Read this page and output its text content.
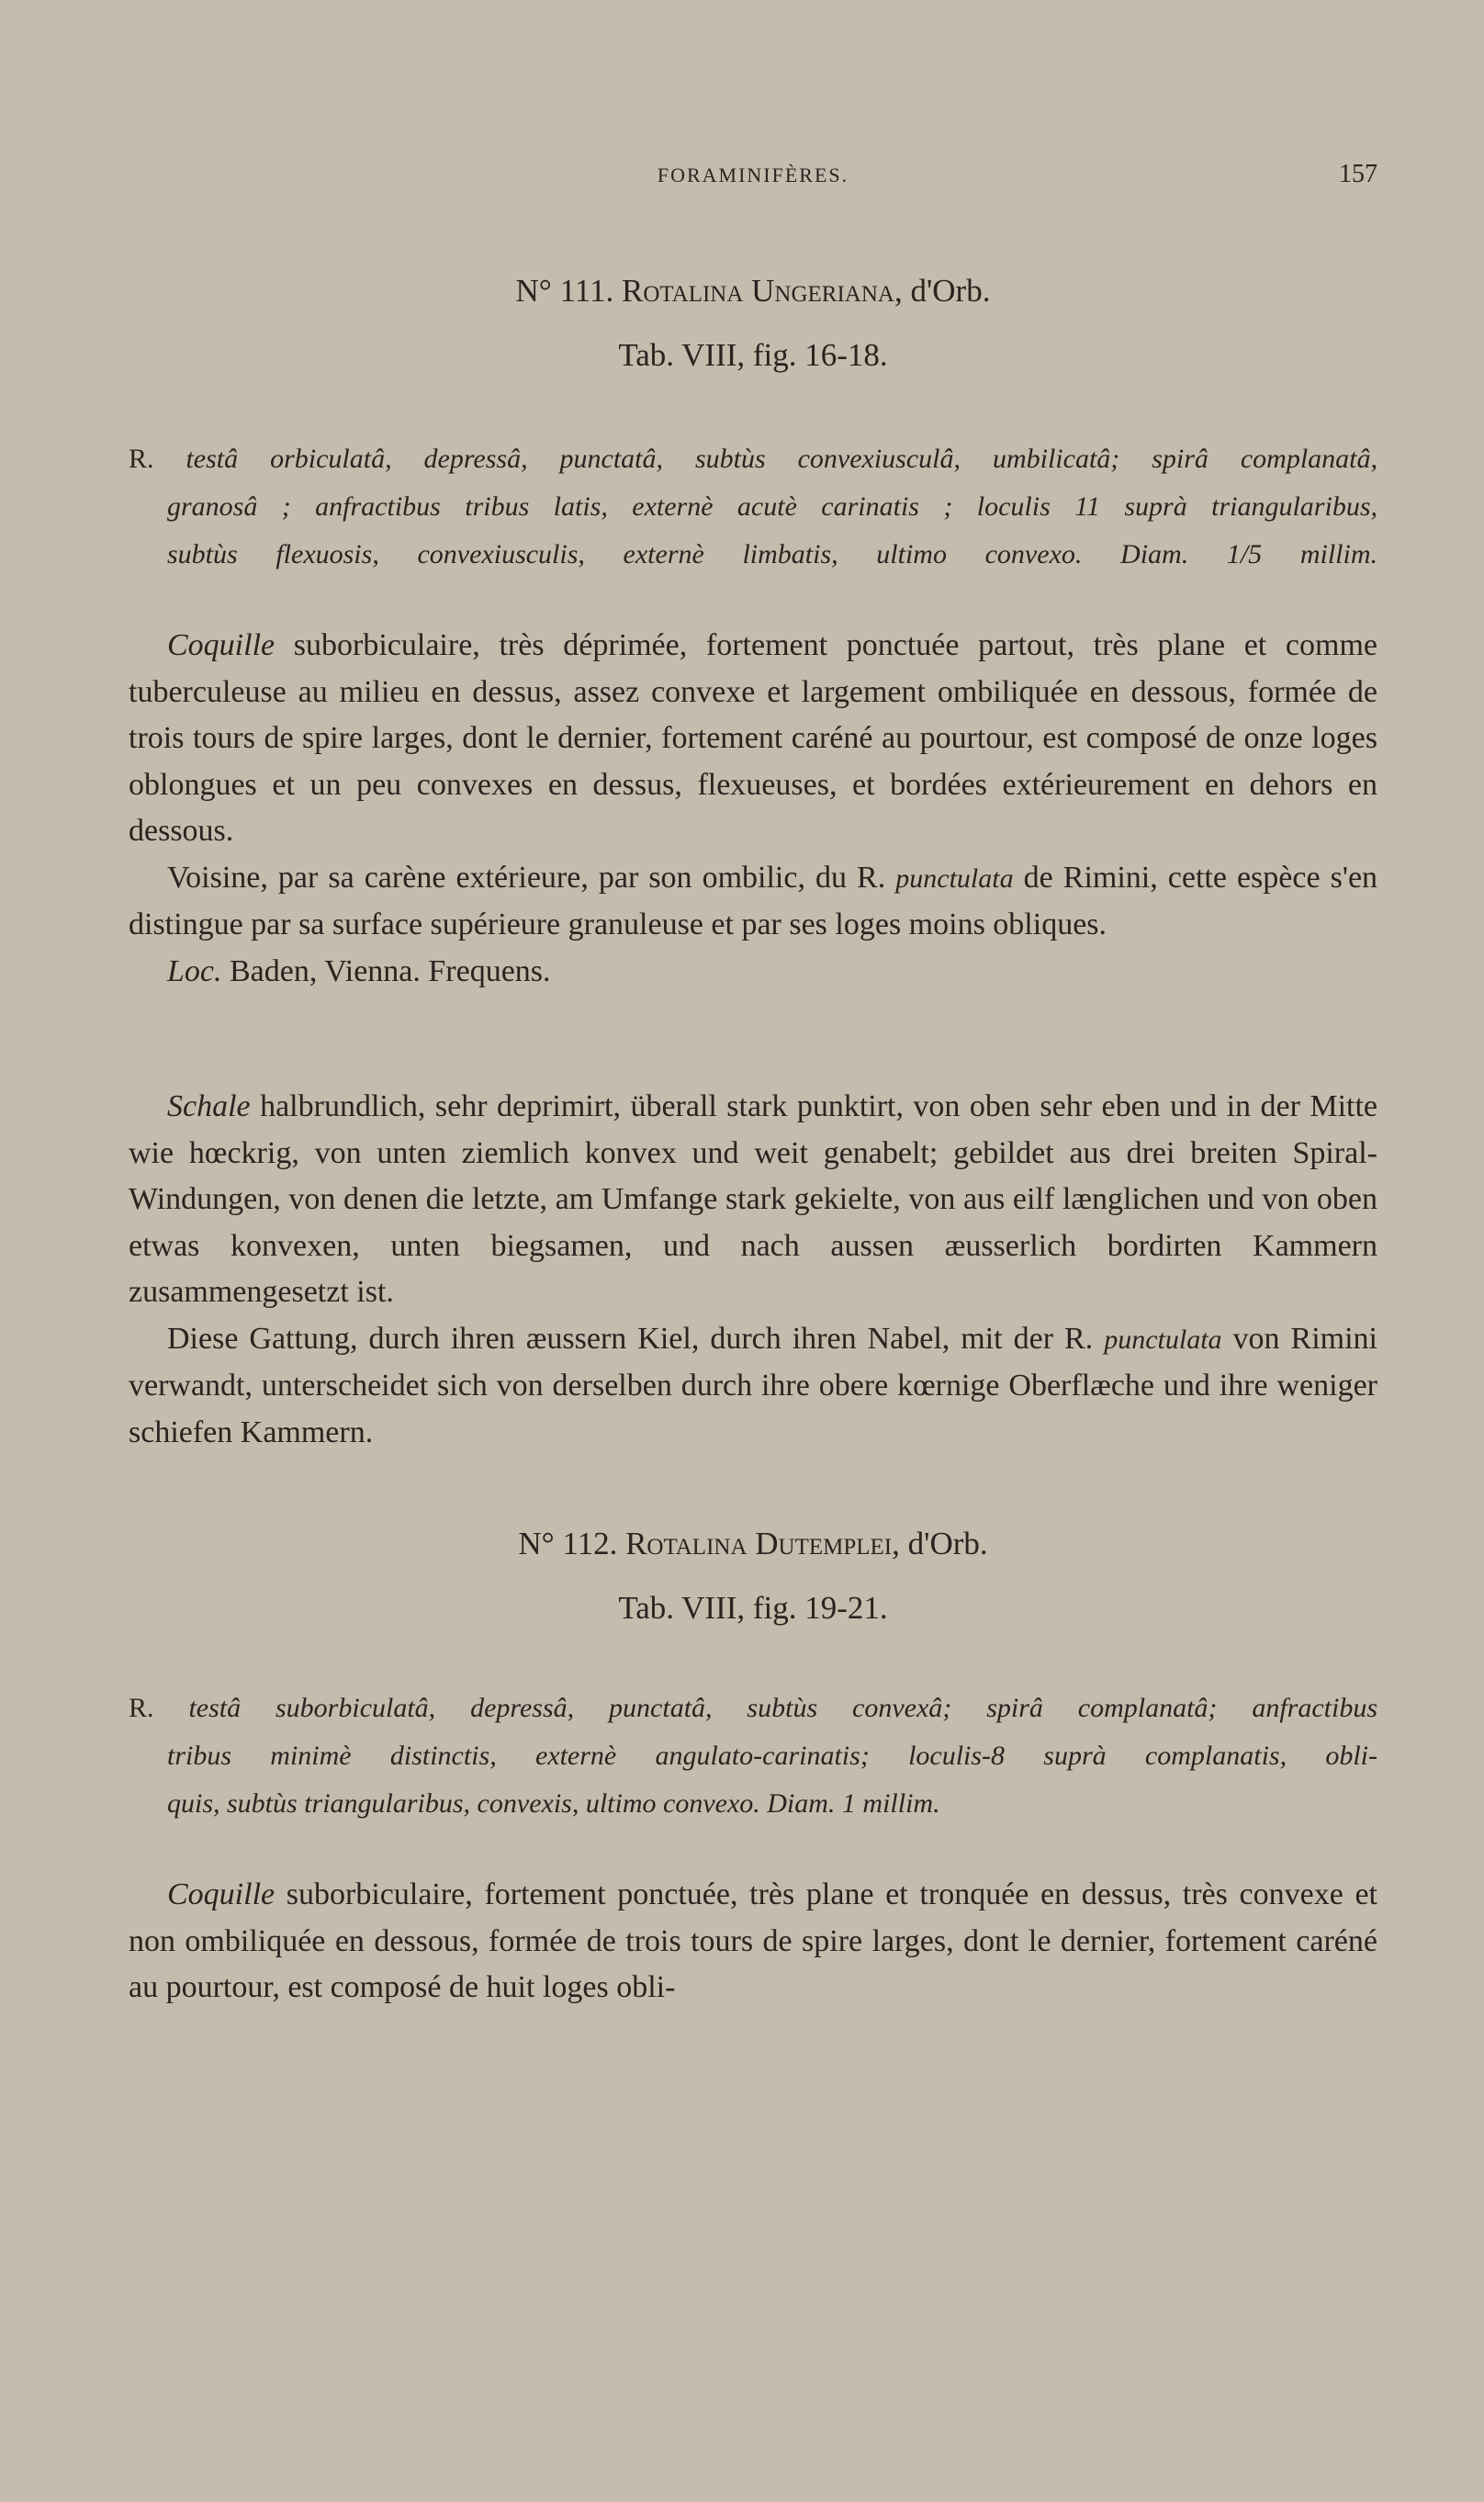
FORAMINIFÈRES.	157
N° 111. Rotalina Ungeriana, d'Orb.
Tab. VIII, fig. 16-18.
R. testâ orbiculatâ, depressâ, punctatâ, subtùs convexiusculâ, umbilicatâ; spirâ complanatâ,
granosâ ; anfractibus tribus latis, externè acutè carinatis ; loculis 11 suprà triangularibus,
subtùs flexuosis, convexiusculis, externè limbatis, ultimo convexo. Diam. 1/5 millim.

Coquille suborbiculaire, très déprimée, fortement ponctuée partout, très plane et comme tuberculeuse au milieu en dessus, assez convexe et largement ombiliquée en dessous, formée de trois tours de spire larges, dont le dernier, fortement caréné au pourtour, est composé de onze loges oblongues et un peu convexes en dessus, flexueuses, et bordées extérieurement en dehors en dessous.

Voisine, par sa carène extérieure, par son ombilic, du R. punctulata de Rimini, cette espèce s'en distingue par sa surface supérieure granuleuse et par ses loges moins obliques.

Loc. Baden, Vienna. Frequens.

Schale halbrundlich, sehr deprimirt, überall stark punktirt, von oben sehr eben und in der Mitte wie hœckrig, von unten ziemlich konvex und weit genabelt; gebildet aus drei breiten Spiral-Windungen, von denen die letzte, am Umfange stark gekielte, von aus eilf længlichen und von oben etwas konvexen, unten biegsamen, und nach aussen æusserlich bordirten Kammern zusammengesetzt ist.

Diese Gattung, durch ihren æussern Kiel, durch ihren Nabel, mit der R. punctulata von Rimini verwandt, unterscheidet sich von derselben durch ihre obere kœrnige Oberflæche und ihre weniger schiefen Kammern.

N° 112. Rotalina Dutemplei, d'Orb.
Tab. VIII, fig. 19-21.
R. testâ suborbiculatâ, depressâ, punctatâ, subtùs convexâ; spirâ complanatâ; anfractibus
tribus minimè distinctis, externè angulato-carinatis; loculis-8 suprà complanatis, obli-
quis, subtùs triangularibus, convexis, ultimo convexo. Diam. 1 millim.

Coquille suborbiculaire, fortement ponctuée, très plane et tronquée en dessus, très convexe et non ombiliquée en dessous, formée de trois tours de spire larges, dont le dernier, fortement caréné au pourtour, est composé de huit loges obli-
